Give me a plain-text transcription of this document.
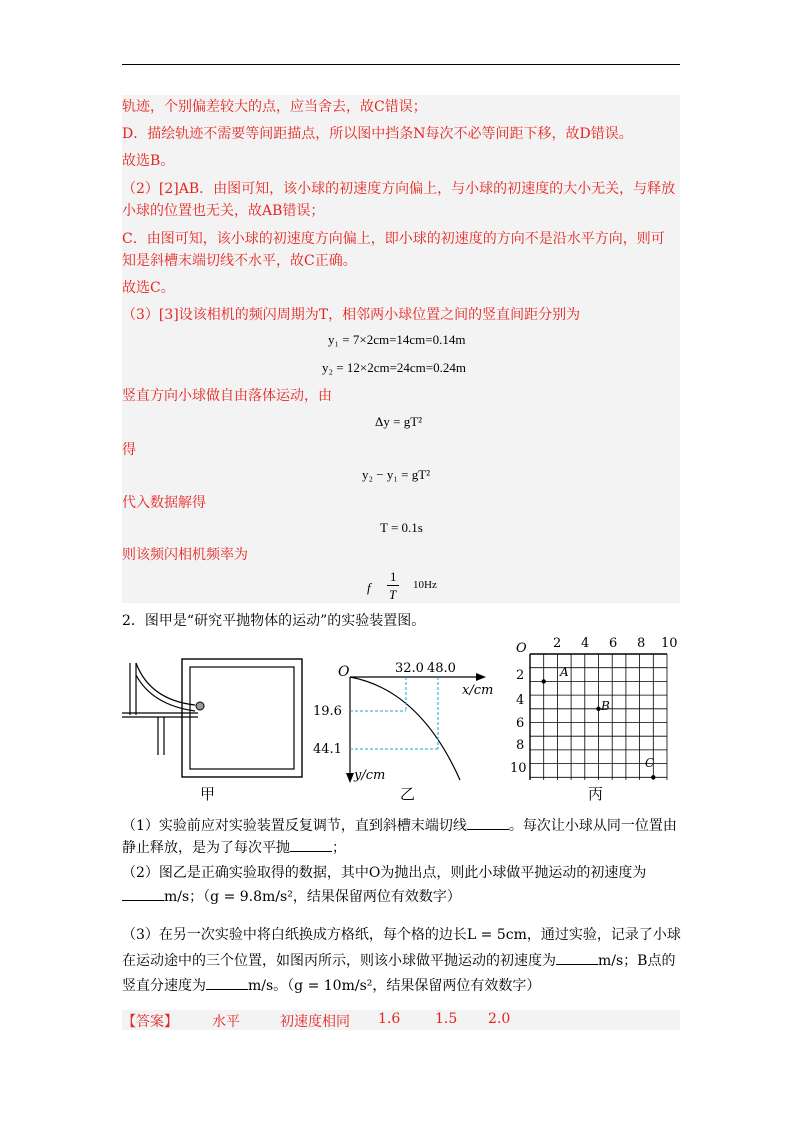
轨迹，个别偏差较大的点，应当舍去，故C错误；
D．描绘轨迹不需要等间距描点，所以图中挡条N每次不必等间距下移，故D错误。
故选B。
（2）[2]AB．由图可知，该小球的初速度方向偏上，与小球的初速度的大小无关，与释放
小球的位置也无关，故AB错误；
C．由图可知，该小球的初速度方向偏上，即小球的初速度的方向不是沿水平方向，则可
知是斜槽末端切线不水平，故C正确。
故选C。
（3）[3]设该相机的频闪周期为T，相邻两小球位置之间的竖直间距分别为
y₁ = 7×2cm=14cm=0.14m
y₂ = 12×2cm=24cm=0.24m
竖直方向小球做自由落体运动，由
Δy = gT²
得
y₂ − y₁ = gT²
代入数据解得
T = 0.1s
则该频闪相机频率为
f
1
T
10Hz
2．图甲是“研究平抛物体的运动”的实验装置图。
甲
O	32.0 48.0
x/cm
19.6
44.1
y/cm
乙
O 2 4 6 8 10
2
4
6
8
10
A
B
C
丙
（1）实验前应对实验装置反复调节，直到斜槽末端切线	。每次让小球从同一位置由
静止释放，是为了每次平抛	；
（2）图乙是正确实验取得的数据，其中O为抛出点，则此小球做平抛运动的初速度为
m/s；（g = 9.8m/s²，结果保留两位有效数字）
（3）在另一次实验中将白纸换成方格纸，每个格的边长L = 5cm，通过实验，记录了小球
在运动途中的三个位置，如图丙所示，则该小球做平抛运动的初速度为	m/s；B点的
竖直分速度为	m/s。（g = 10m/s²，结果保留两位有效数字）
【答案】 水平	初速度相同 1.6 1.5 2.0
